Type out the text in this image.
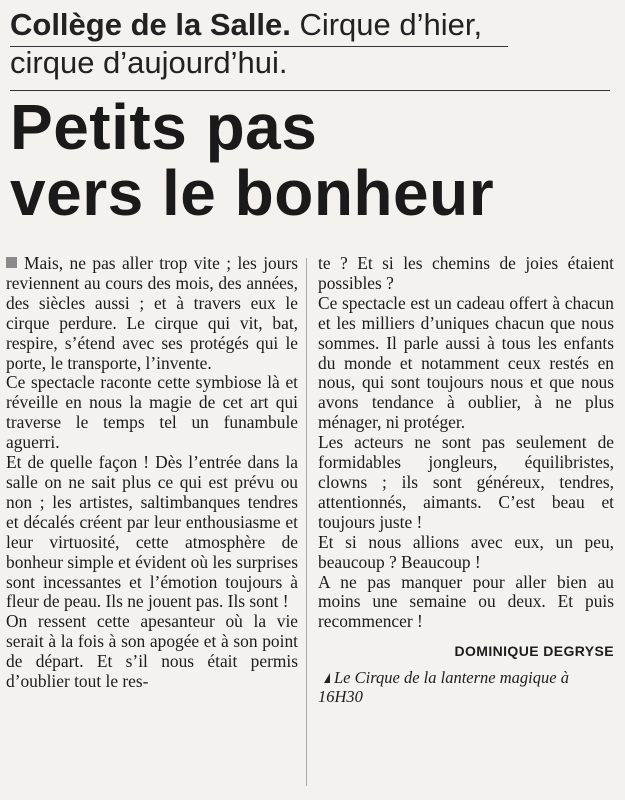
Collège de la Salle. Cirque d’hier, cirque d’aujourd’hui.
Petits pas
vers le bonheur

Mais, ne pas aller trop vite ; les jours reviennent au cours des mois, des années, des siècles aussi ; et à travers eux le cirque perdure. Le cirque qui vit, bat, respire, s’étend avec ses protégés qui le porte, le transporte, l’invente.

Ce spectacle raconte cette symbiose là et réveille en nous la magie de cet art qui traverse le temps tel un funambule aguerri.

Et de quelle façon ! Dès l’entrée dans la salle on ne sait plus ce qui est prévu ou non ; les artistes, saltimbanques tendres et décalés créent par leur enthousiasme et leur virtuosité, cette atmosphère de bonheur simple et évident où les surprises sont incessantes et l’émotion toujours à fleur de peau. Ils ne jouent pas. Ils sont !

On ressent cette apesanteur où la vie serait à la fois à son apogée et à son point de départ. Et s’il nous était permis d’oublier tout le res-

te ? Et si les chemins de joies étaient possibles ?

Ce spectacle est un cadeau offert à chacun et les milliers d’uniques chacun que nous sommes. Il parle aussi à tous les enfants du monde et notamment ceux restés en nous, qui sont toujours nous et que nous avons tendance à oublier, à ne plus ménager, ni protéger.

Les acteurs ne sont pas seulement de formidables jongleurs, équilibristes, clowns ; ils sont généreux, tendres, attentionnés, aimants. C’est beau et toujours juste !

Et si nous allions avec eux, un peu, beaucoup ? Beaucoup !

A ne pas manquer pour aller bien au moins une semaine ou deux. Et puis recommencer !

DOMINIQUE DEGRYSE
Le Cirque de la lanterne magique à 16H30
